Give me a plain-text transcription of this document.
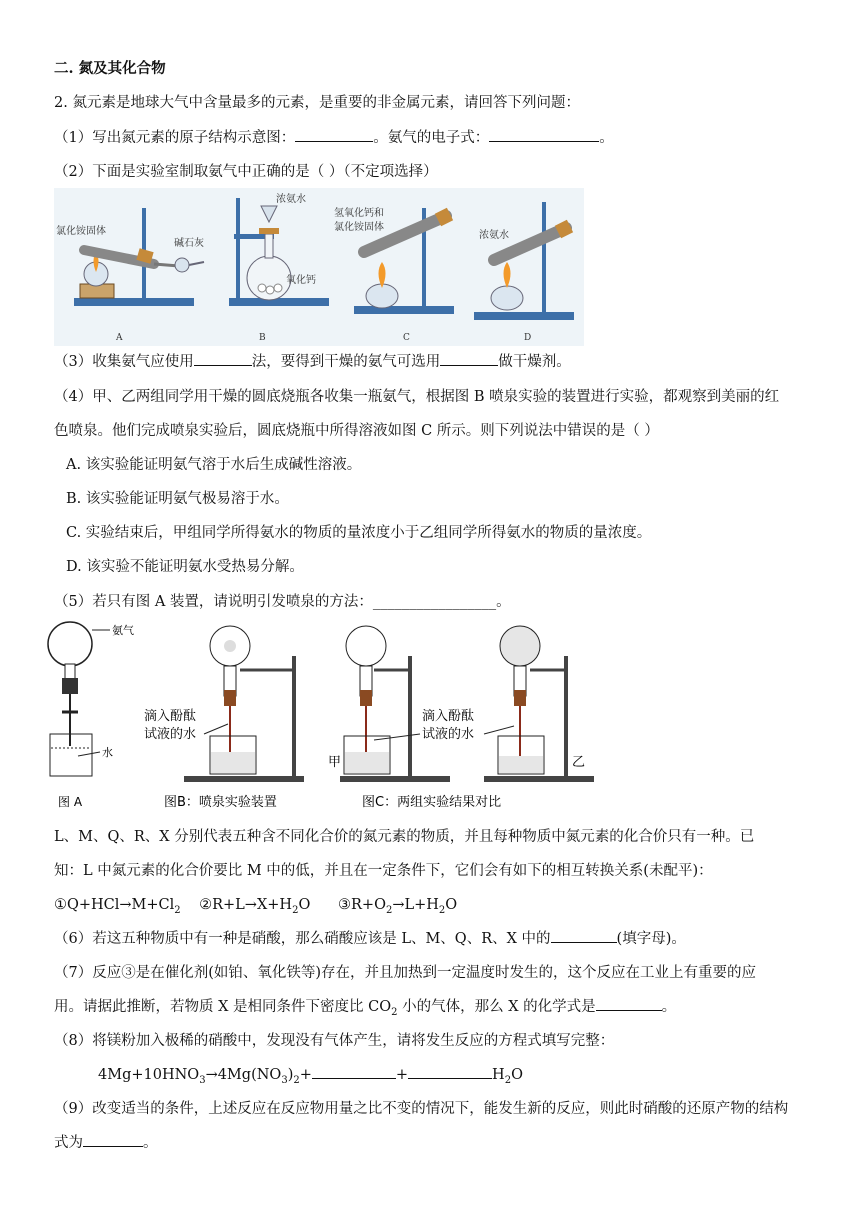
二. 氮及其化合物
2. 氮元素是地球大气中含量最多的元素，是重要的非金属元素，请回答下列问题：
（1）写出氮元素的原子结构示意图：	。氨气的电子式：	。
（2）下面是实验室制取氨气中正确的是（ ）（不定项选择）
氯化铵固体
碱石灰
A
浓氨水
氧化钙
B
氢氧化钙和
氯化铵固体
C
浓氨水
D
（3）收集氨气应使用	法，要得到干燥的氨气可选用	做干燥剂。
（4）甲、乙两组同学用干燥的圆底烧瓶各收集一瓶氨气，根据图 B 喷泉实验的装置进行实验，都观察到美丽的红
色喷泉。他们完成喷泉实验后，圆底烧瓶中所得溶液如图 C 所示。则下列说法中错误的是（ ）
A. 该实验能证明氨气溶于水后生成碱性溶液。
B. 该实验能证明氨气极易溶于水。
C. 实验结束后，甲组同学所得氨水的物质的量浓度小于乙组同学所得氨水的物质的量浓度。
D. 该实验不能证明氨水受热易分解。
（5）若只有图 A 装置，请说明引发喷泉的方法：_________________。
氨气
水
图 A
滴入酚酞
试液的水
图B：喷泉实验装置
甲
滴入酚酞
试液的水
乙
图C：两组实验结果对比
L、M、Q、R、X 分别代表五种含不同化合价的氮元素的物质，并且每种物质中氮元素的化合价只有一种。已
知：L 中氮元素的化合价要比 M 中的低，并且在一定条件下，它们会有如下的相互转换关系(未配平)：
$①Q+HCl\to M+Cl_2$ $②R+L\to X+H_2O$ $③R+O_2\to L+H_2O$
（6）若这五种物质中有一种是硝酸，那么硝酸应该是 L、M、Q、R、X 中的	(填字母)。
（7）反应③是在催化剂(如铂、氧化铁等)存在，并且加热到一定温度时发生的，这个反应在工业上有重要的应
用。请据此推断，若物质 X 是相同条件下密度比 $CO_2$ 小的气体，那么 X 的化学式是	。
（8）将镁粉加入极稀的硝酸中，发现没有气体产生，请将发生反应的方程式填写完整：
$4Mg+10HNO_3\to 4Mg(NO_3)_2+$	+	$H_2O$
（9）改变适当的条件，上述反应在反应物用量之比不变的情况下，能发生新的反应，则此时硝酸的还原产物的结构
式为	。
